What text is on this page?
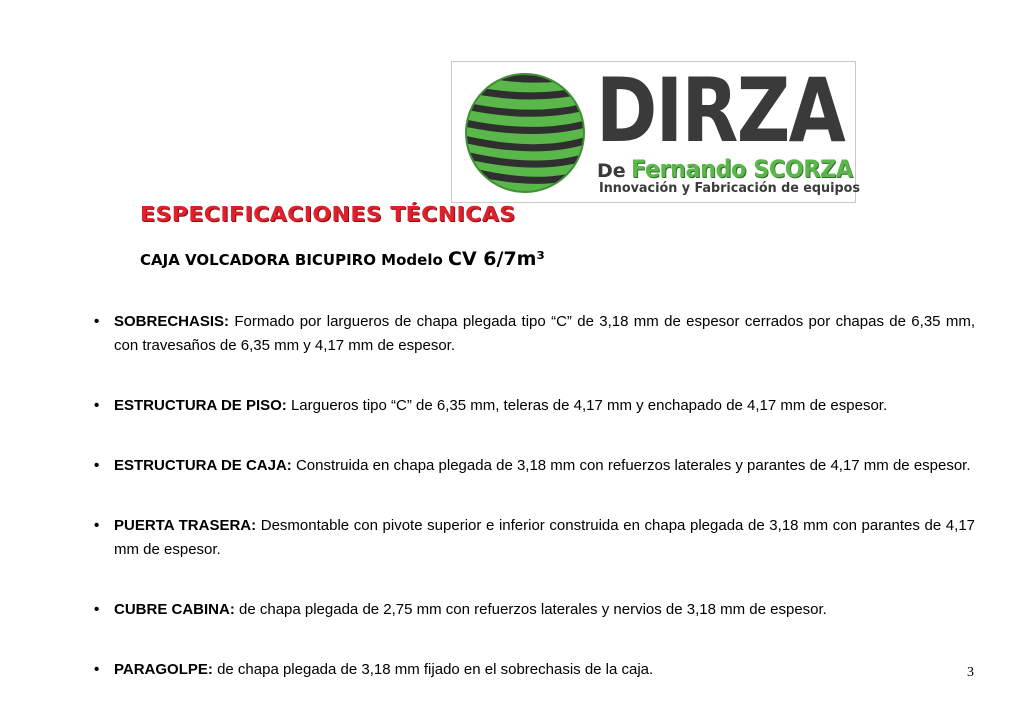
DIRZA
De Fernando SCORZA
Innovación y Fabricación de equipos
ESPECIFICACIONES TÉCNICAS
CAJA VOLCADORA BICUPIRO Modelo CV 6/7m³
• SOBRECHASIS: Formado por largueros de chapa plegada tipo “C” de 3,18 mm de espesor cerrados por chapas de 6,35 mm, con travesaños de 6,35 mm y 4,17 mm de espesor.
• ESTRUCTURA DE PISO: Largueros tipo “C” de 6,35 mm, teleras de 4,17 mm y enchapado de 4,17 mm de espesor.
• ESTRUCTURA DE CAJA: Construida en chapa plegada de 3,18 mm con refuerzos laterales y parantes de 4,17 mm de espesor.
• PUERTA TRASERA: Desmontable con pivote superior e inferior construida en chapa plegada de 3,18 mm con parantes de 4,17 mm de espesor.
• CUBRE CABINA: de chapa plegada de 2,75 mm con refuerzos laterales y nervios de 3,18 mm de espesor.
• PARAGOLPE: de chapa plegada de 3,18 mm fijado en el sobrechasis de la caja.	3
